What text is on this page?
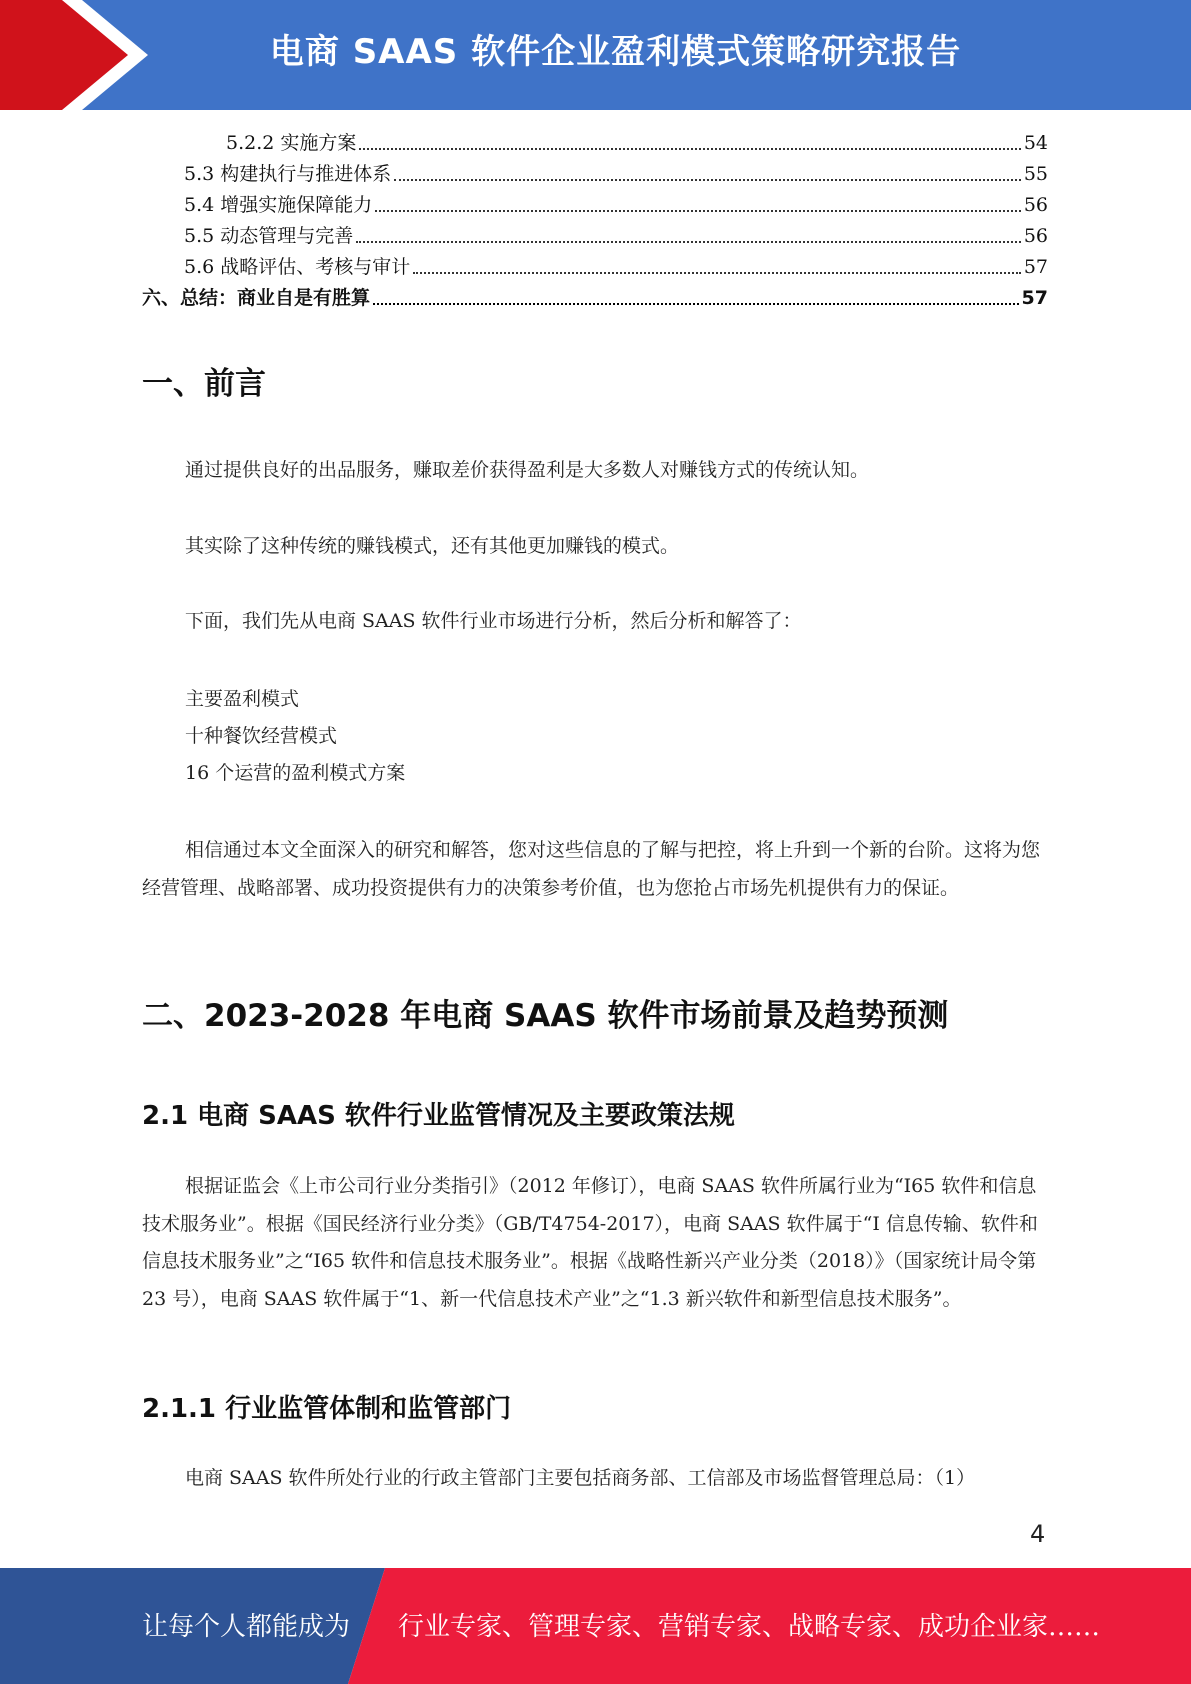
电商 SAAS 软件企业盈利模式策略研究报告
5.2.2 实施方案	54
5.3 构建执行与推进体系	55
5.4 增强实施保障能力	56
5.5 动态管理与完善	56
5.6 战略评估、考核与审计	57
六、总结：商业自是有胜算	57
一、前言
通过提供良好的出品服务，赚取差价获得盈利是大多数人对赚钱方式的传统认知。
其实除了这种传统的赚钱模式，还有其他更加赚钱的模式。
下面，我们先从电商 SAAS 软件行业市场进行分析，然后分析和解答了：
主要盈利模式
十种餐饮经营模式
16 个运营的盈利模式方案
相信通过本文全面深入的研究和解答，您对这些信息的了解与把控，将上升到一个新的台阶。这将为您经营管理、战略部署、成功投资提供有力的决策参考价值，也为您抢占市场先机提供有力的保证。
二、2023-2028 年电商 SAAS 软件市场前景及趋势预测
2.1 电商 SAAS 软件行业监管情况及主要政策法规
根据证监会《上市公司行业分类指引》（2012 年修订），电商 SAAS 软件所属行业为“I65 软件和信息技术服务业”。根据《国民经济行业分类》（GB/T4754-2017），电商 SAAS 软件属于“I 信息传输、软件和信息技术服务业”之“I65 软件和信息技术服务业”。根据《战略性新兴产业分类（2018）》（国家统计局令第 23 号），电商 SAAS 软件属于“1、新一代信息技术产业”之“1.3 新兴软件和新型信息技术服务”。
2.1.1 行业监管体制和监管部门
电商 SAAS 软件所处行业的行政主管部门主要包括商务部、工信部及市场监督管理总局：（1）
4
让每个人都能成为 行业专家、管理专家、营销专家、战略专家、成功企业家……
